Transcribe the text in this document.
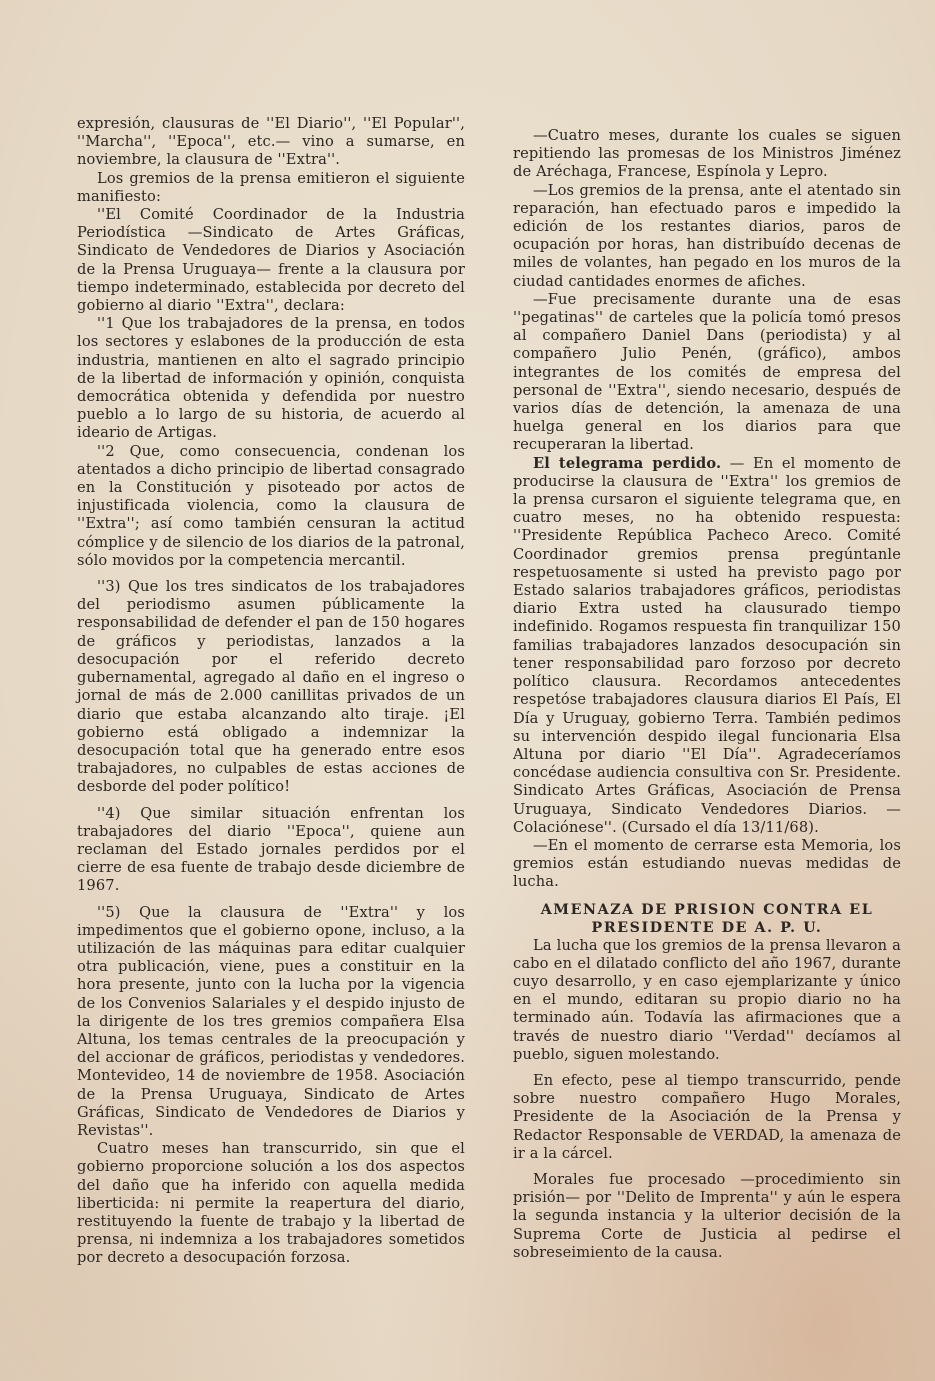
expresión, clausuras de ''El Diario'', ''El Popular'', ''Marcha'', ''Epoca'', etc.— vino a sumarse, en noviembre, la clausura de ''Extra''.

Los gremios de la prensa emitieron el siguiente manifiesto:

''El Comité Coordinador de la Industria Periodística —Sindicato de Artes Gráficas, Sindicato de Vendedores de Diarios y Asociación de la Prensa Uruguaya— frente a la clausura por tiempo indeterminado, establecida por decreto del gobierno al diario ''Extra'', declara:

''1 Que los trabajadores de la prensa, en todos los sectores y eslabones de la producción de esta industria, mantienen en alto el sagrado principio de la libertad de información y opinión, conquista democrática obtenida y defendida por nuestro pueblo a lo largo de su historia, de acuerdo al ideario de Artigas.

''2 Que, como consecuencia, condenan los atentados a dicho principio de libertad consagrado en la Constitución y pisoteado por actos de injustificada violencia, como la clausura de ''Extra''; así como también censuran la actitud cómplice y de silencio de los diarios de la patronal, sólo movidos por la competencia mercantil.

''3) Que los tres sindicatos de los trabajadores del periodismo asumen públicamente la responsabilidad de defender el pan de 150 hogares de gráficos y periodistas, lanzados a la desocupación por el referido decreto gubernamental, agregado al daño en el ingreso o jornal de más de 2.000 canillitas privados de un diario que estaba alcanzando alto tiraje. ¡El gobierno está obligado a indemnizar la desocupación total que ha generado entre esos trabajadores, no culpables de estas acciones de desborde del poder político!

''4) Que similar situación enfrentan los trabajadores del diario ''Epoca'', quiene aun reclaman del Estado jornales perdidos por el cierre de esa fuente de trabajo desde diciembre de 1967.

''5) Que la clausura de ''Extra'' y los impedimentos que el gobierno opone, incluso, a la utilización de las máquinas para editar cualquier otra publicación, viene, pues a constituir en la hora presente, junto con la lucha por la vigencia de los Convenios Salariales y el despido injusto de la dirigente de los tres gremios compañera Elsa Altuna, los temas centrales de la preocupación y del accionar de gráficos, periodistas y vendedores. Montevideo, 14 de noviembre de 1958. Asociación de la Prensa Uruguaya, Sindicato de Artes Gráficas, Sindicato de Vendedores de Diarios y Revistas''.

Cuatro meses han transcurrido, sin que el gobierno proporcione solución a los dos aspectos del daño que ha inferido con aquella medida liberticida: ni permite la reapertura del diario, restituyendo la fuente de trabajo y la libertad de prensa, ni indemniza a los trabajadores sometidos por decreto a desocupación forzosa.

—Cuatro meses, durante los cuales se siguen repitiendo las promesas de los Ministros Jiménez de Aréchaga, Francese, Espínola y Lepro.

—Los gremios de la prensa, ante el atentado sin reparación, han efectuado paros e impedido la edición de los restantes diarios, paros de ocupación por horas, han distribuído decenas de miles de volantes, han pegado en los muros de la ciudad cantidades enormes de afiches.

—Fue precisamente durante una de esas ''pegatinas'' de carteles que la policía tomó presos al compañero Daniel Dans (periodista) y al compañero Julio Penén, (gráfico), ambos integrantes de los comités de empresa del personal de ''Extra'', siendo necesario, después de varios días de detención, la amenaza de una huelga general en los diarios para que recuperaran la libertad.

El telegrama perdido. — En el momento de producirse la clausura de ''Extra'' los gremios de la prensa cursaron el siguiente telegrama que, en cuatro meses, no ha obtenido respuesta: ''Presidente República Pacheco Areco. Comité Coordinador gremios prensa pregúntanle respetuosamente si usted ha previsto pago por Estado salarios trabajadores gráficos, periodistas diario Extra usted ha clausurado tiempo indefinido. Rogamos respuesta fin tranquilizar 150 familias trabajadores lanzados desocupación sin tener responsabilidad paro forzoso por decreto político clausura. Recordamos antecedentes respetóse trabajadores clausura diarios El País, El Día y Uruguay, gobierno Terra. También pedimos su intervención despido ilegal funcionaria Elsa Altuna por diario ''El Día''. Agradeceríamos concédase audiencia consultiva con Sr. Presidente. Sindicato Artes Gráficas, Asociación de Prensa Uruguaya, Sindicato Vendedores Diarios. — Colaciónese''. (Cursado el día 13/11/68).

—En el momento de cerrarse esta Memoria, los gremios están estudiando nuevas medidas de lucha.

AMENAZA DE PRISION CONTRA EL
PRESIDENTE DE A. P. U.

La lucha que los gremios de la prensa llevaron a cabo en el dilatado conflicto del año 1967, durante cuyo desarrollo, y en caso ejemplarizante y único en el mundo, editaran su propio diario no ha terminado aún. Todavía las afirmaciones que a través de nuestro diario ''Verdad'' decíamos al pueblo, siguen molestando.

En efecto, pese al tiempo transcurrido, pende sobre nuestro compañero Hugo Morales, Presidente de la Asociación de la Prensa y Redactor Responsable de VERDAD, la amenaza de ir a la cárcel.

Morales fue procesado —procedimiento sin prisión— por ''Delito de Imprenta'' y aún le espera la segunda instancia y la ulterior decisión de la Suprema Corte de Justicia al pedirse el sobreseimiento de la causa.
